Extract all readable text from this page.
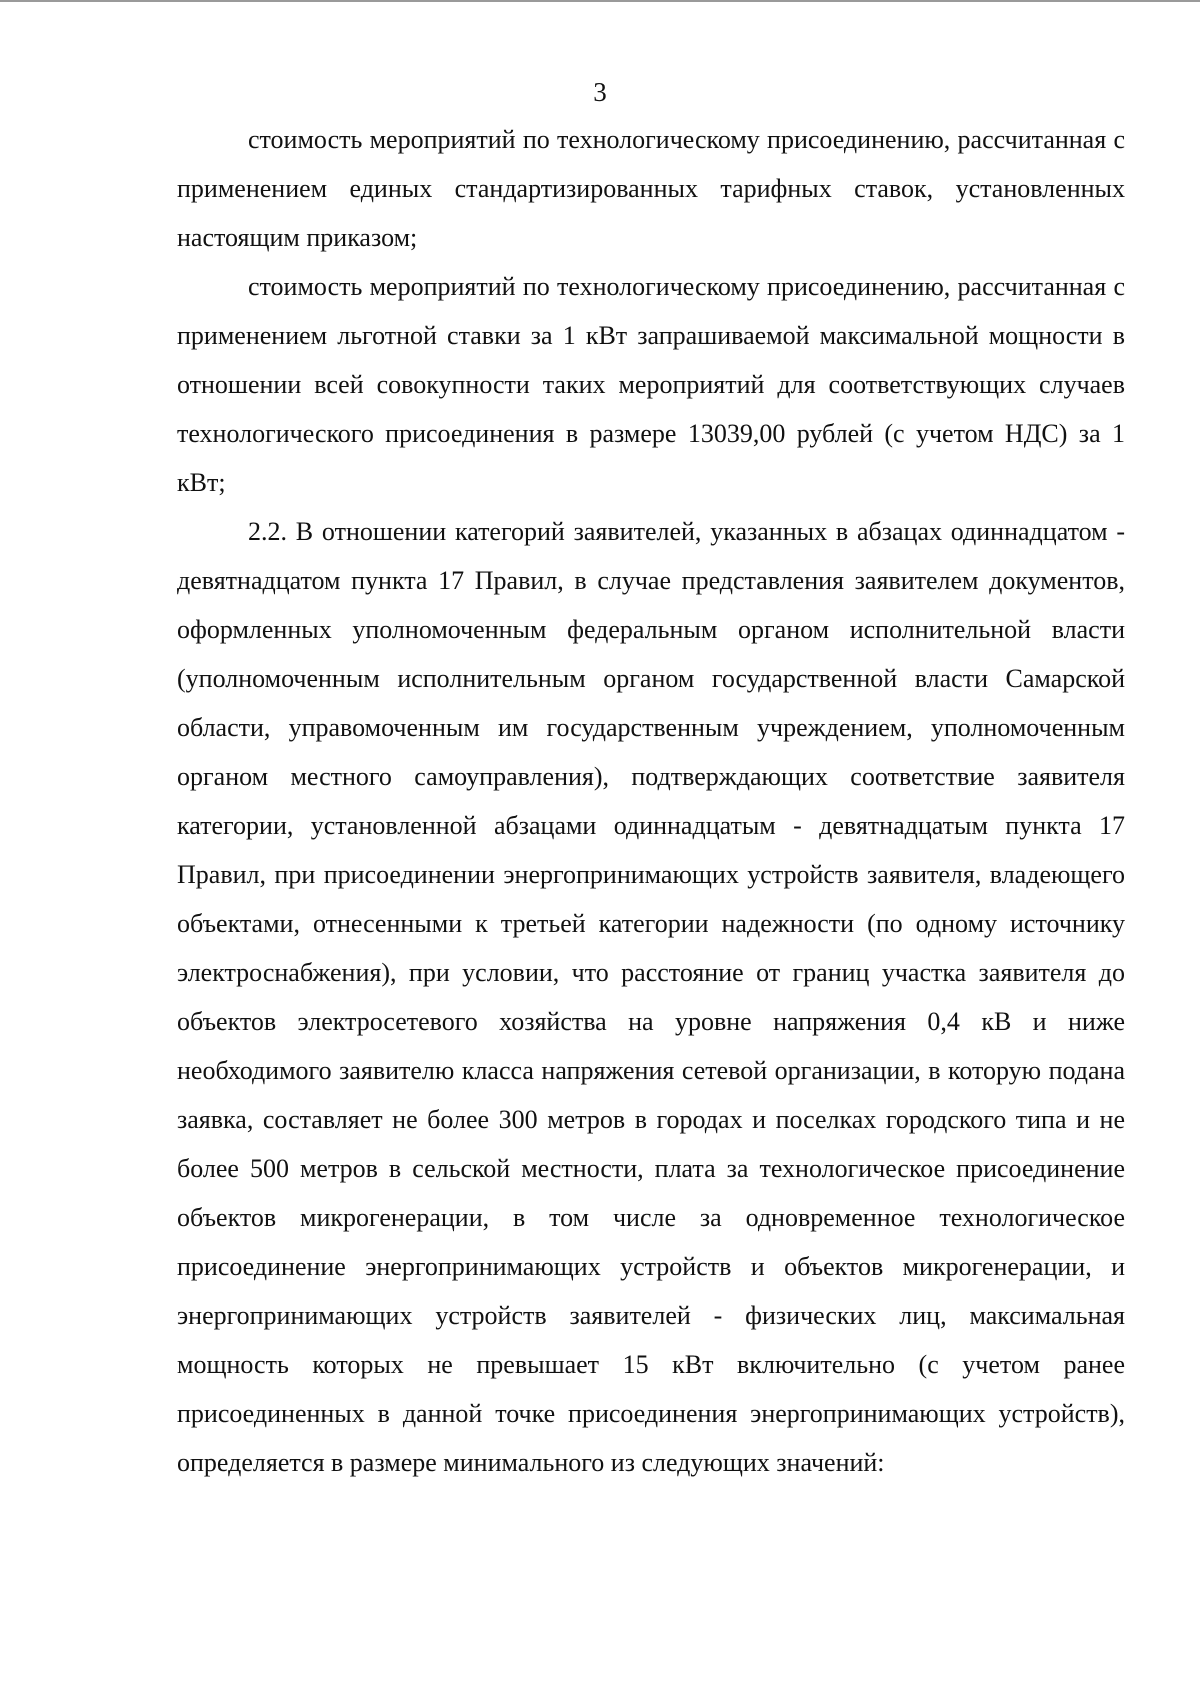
3

стоимость мероприятий по технологическому присоединению, рассчитанная с применением единых стандартизированных тарифных ставок, установленных настоящим приказом;

стоимость мероприятий по технологическому присоединению, рассчитанная с применением льготной ставки за 1 кВт запрашиваемой максимальной мощности в отношении всей совокупности таких мероприятий для соответствующих случаев технологического присоединения в размере 13039,00 рублей (с учетом НДС) за 1 кВт;

2.2. В отношении категорий заявителей, указанных в абзацах одиннадцатом - девятнадцатом пункта 17 Правил, в случае представления заявителем документов, оформленных уполномоченным федеральным органом исполнительной власти (уполномоченным исполнительным органом государственной власти Самарской области, управомоченным им государственным учреждением, уполномоченным органом местного самоуправления), подтверждающих соответствие заявителя категории, установленной абзацами одиннадцатым - девятнадцатым пункта 17 Правил, при присоединении энергопринимающих устройств заявителя, владеющего объектами, отнесенными к третьей категории надежности (по одному источнику электроснабжения), при условии, что расстояние от границ участка заявителя до объектов электросетевого хозяйства на уровне напряжения 0,4 кВ и ниже необходимого заявителю класса напряжения сетевой организации, в которую подана заявка, составляет не более 300 метров в городах и поселках городского типа и не более 500 метров в сельской местности, плата за технологическое присоединение объектов микрогенерации, в том числе за одновременное технологическое присоединение энергопринимающих устройств и объектов микрогенерации, и энергопринимающих устройств заявителей - физических лиц, максимальная мощность которых не превышает 15 кВт включительно (с учетом ранее присоединенных в данной точке присоединения энергопринимающих устройств), определяется в размере минимального из следующих значений:
